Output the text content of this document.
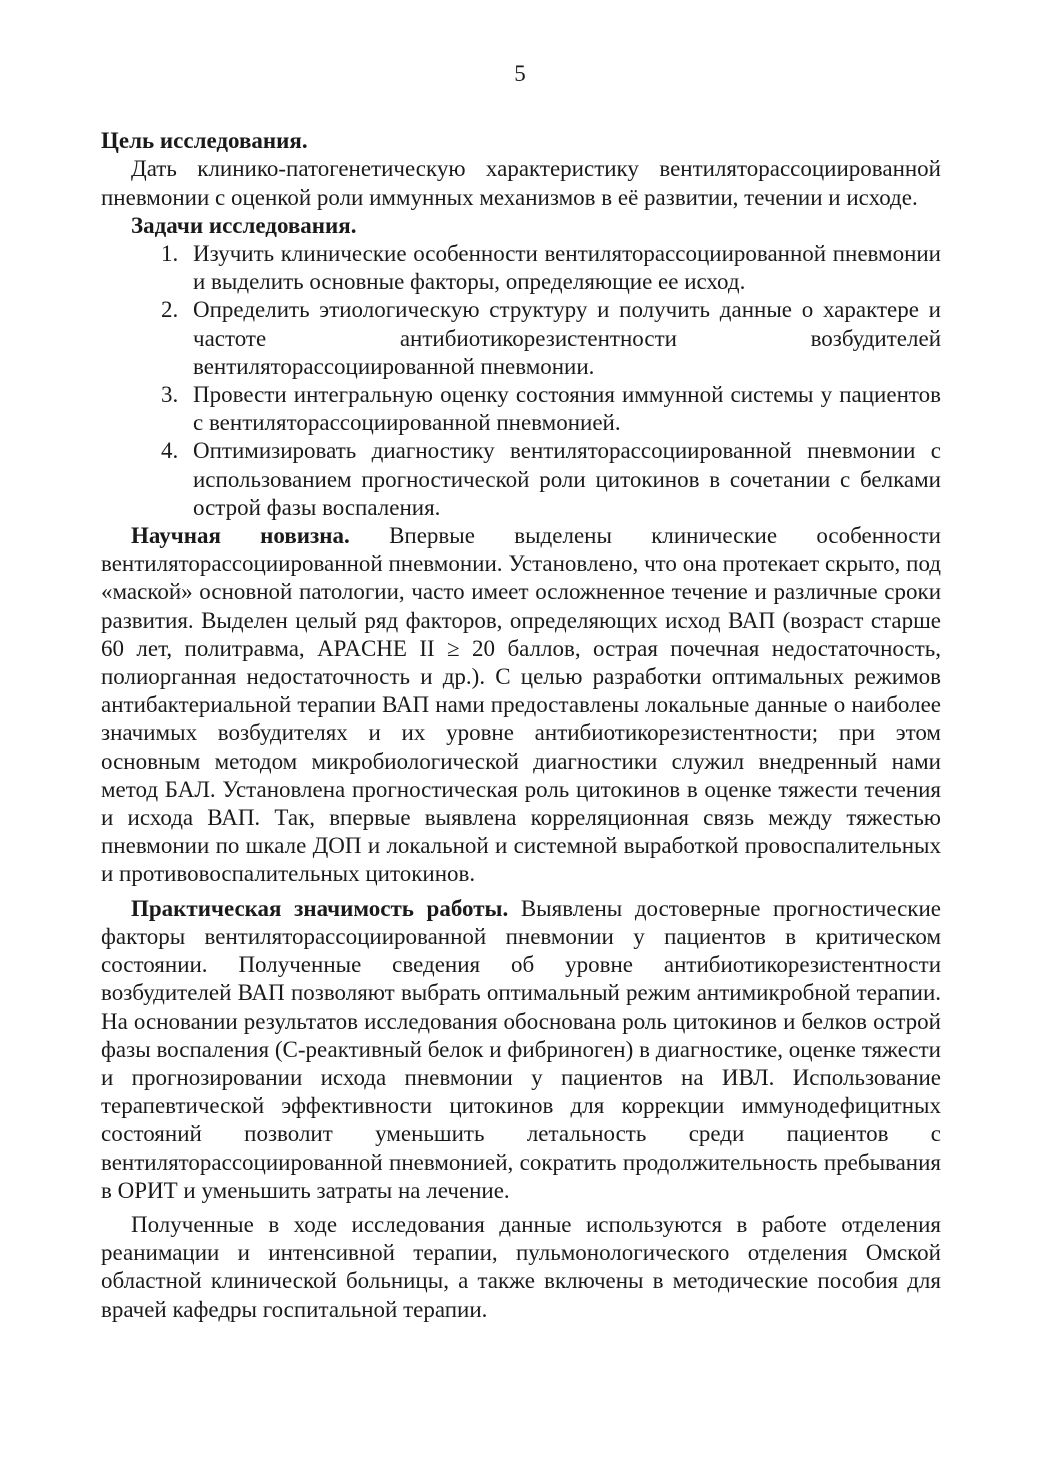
5
Цель исследования.
Дать клинико-патогенетическую характеристику вентиляторассоциированной пневмонии с оценкой роли иммунных механизмов в её развитии, течении и исходе.
Задачи исследования.
1. Изучить клинические особенности вентиляторассоциированной пневмонии и выделить основные факторы, определяющие ее исход.
2. Определить этиологическую структуру и получить данные о характере и частоте антибиотикорезистентности возбудителей вентиляторассоциированной пневмонии.
3. Провести интегральную оценку состояния иммунной системы у пациентов с вентиляторассоциированной пневмонией.
4. Оптимизировать диагностику вентиляторассоциированной пневмонии с использованием прогностической роли цитокинов в сочетании с белками острой фазы воспаления.
Научная новизна. Впервые выделены клинические особенности вентиляторассоциированной пневмонии. Установлено, что она протекает скрыто, под «маской» основной патологии, часто имеет осложненное течение и различные сроки развития. Выделен целый ряд факторов, определяющих исход ВАП (возраст старше 60 лет, политравма, APACHE II ≥ 20 баллов, острая почечная недостаточность, полиорганная недостаточность и др.). С целью разработки оптимальных режимов антибактериальной терапии ВАП нами предоставлены локальные данные о наиболее значимых возбудителях и их уровне антибиотикорезистентности; при этом основным методом микробиологической диагностики служил внедренный нами метод БАЛ. Установлена прогностическая роль цитокинов в оценке тяжести течения и исхода ВАП. Так, впервые выявлена корреляционная связь между тяжестью пневмонии по шкале ДОП и локальной и системной выработкой провоспалительных и противовоспалительных цитокинов.
Практическая значимость работы. Выявлены достоверные прогностические факторы вентиляторассоциированной пневмонии у пациентов в критическом состоянии. Полученные сведения об уровне антибиотикорезистентности возбудителей ВАП позволяют выбрать оптимальный режим антимикробной терапии. На основании результатов исследования обоснована роль цитокинов и белков острой фазы воспаления (С-реактивный белок и фибриноген) в диагностике, оценке тяжести и прогнозировании исхода пневмонии у пациентов на ИВЛ. Использование терапевтической эффективности цитокинов для коррекции иммунодефицитных состояний позволит уменьшить летальность среди пациентов с вентиляторассоциированной пневмонией, сократить продолжительность пребывания в ОРИТ и уменьшить затраты на лечение.
Полученные в ходе исследования данные используются в работе отделения реанимации и интенсивной терапии, пульмонологического отделения Омской областной клинической больницы, а также включены в методические пособия для врачей кафедры госпитальной терапии.
